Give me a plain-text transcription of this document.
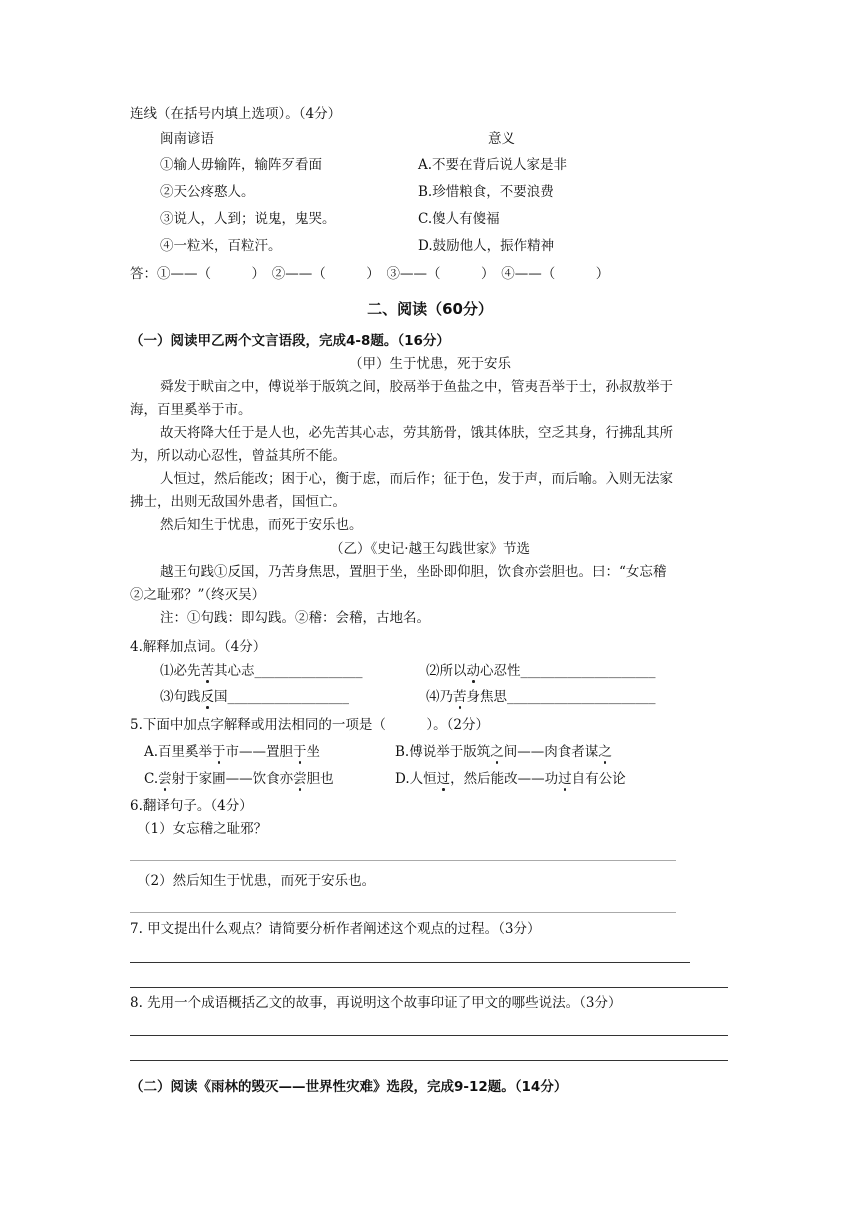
连线（在括号内填上选项）。（4分）
闽南谚语	意义
①输人毋输阵，输阵歹看面	A.不要在背后说人家是非
②天公疼憨人。	B.珍惜粮食，不要浪费
③说人，人到；说鬼，鬼哭。	C.傻人有傻福
④一粒米，百粒汗。	D.鼓励他人，振作精神
答：①——（　　　）　②——（　　　）　③——（　　　）　④——（　　　）
二、阅读（60分）
（一）阅读甲乙两个文言语段，完成4-8题。（16分）
（甲）生于忧患，死于安乐
舜发于畎亩之中，傅说举于版筑之间，胶鬲举于鱼盐之中，管夷吾举于士，孙叔敖举于
海，百里奚举于市。
故天将降大任于是人也，必先苦其心志，劳其筋骨，饿其体肤，空乏其身，行拂乱其所
为，所以动心忍性，曾益其所不能。
人恒过，然后能改；困于心，衡于虑，而后作；征于色，发于声，而后喻。入则无法家
拂士，出则无敌国外患者，国恒亡。
然后知生于忧患，而死于安乐也。
（乙）《史记·越王勾践世家》节选
越王句践①反国，乃苦身焦思，置胆于坐，坐卧即仰胆，饮食亦尝胆也。曰：“女忘稽
②之耻邪？”（终灭吴）
注：①句践：即勾践。②稽：会稽，古地名。
4.解释加点词。（4分）
⑴必先苦其心志________________	⑵所以动心忍性____________________
⑶句践反国__________________	⑷乃苦身焦思______________________
5.下面中加点字解释或用法相同的一项是（　　　）。（2分）
A.百里奚举于市——置胆于坐	B.傅说举于版筑之间——肉食者谋之
C.尝射于家圃——饮食亦尝胆也	D.人恒过，然后能改——功过自有公论
6.翻译句子。（4分）
（1）女忘稽之耻邪？
（2）然后知生于忧患，而死于安乐也。
7. 甲文提出什么观点？请简要分析作者阐述这个观点的过程。（3分）
8. 先用一个成语概括乙文的故事，再说明这个故事印证了甲文的哪些说法。（3分）
（二）阅读《雨林的毁灭——世界性灾难》选段，完成9-12题。（14分）
